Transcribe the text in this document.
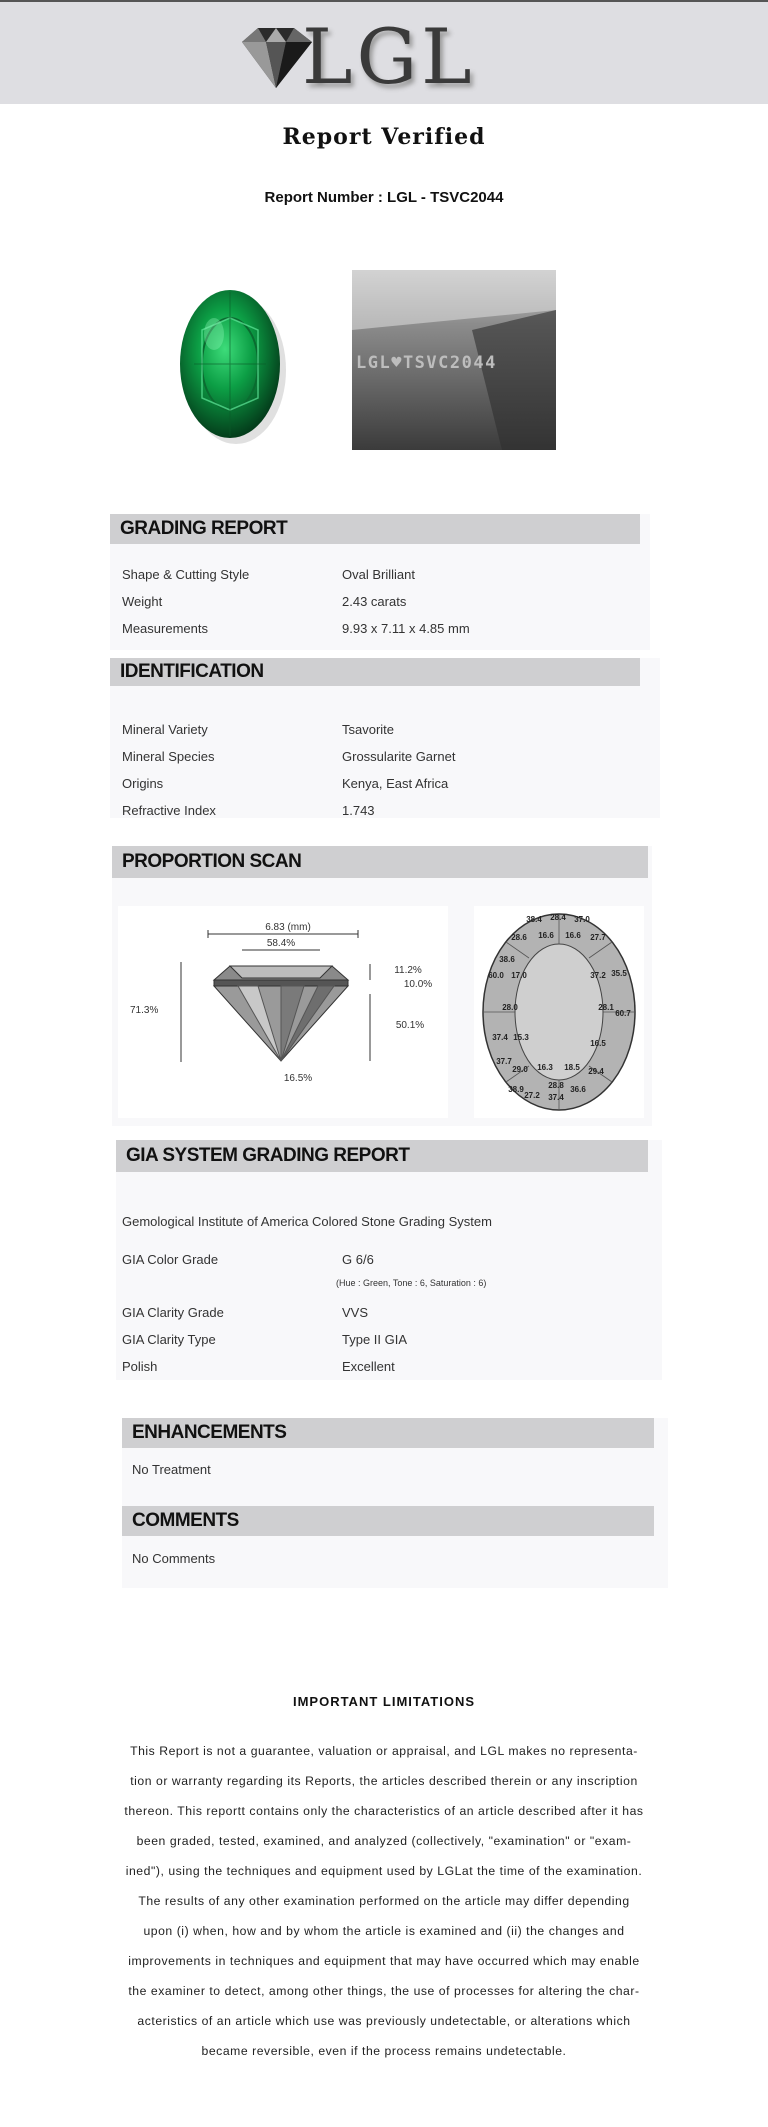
LGL
Report Verified
Report Number : LGL - TSVC2044
LGL♥TSVC2044
GRADING REPORT
Shape & Cutting Style	Oval Brilliant
Weight	2.43 carats
Measurements	9.93 x 7.11 x 4.85 mm
IDENTIFICATION
Mineral Variety	Tsavorite
Mineral Species	Grossularite Garnet
Origins	Kenya, East Africa
Refractive Index	1.743
PROPORTION SCAN
6.83 (mm)
58.4%
71.3%
11.2%
10.0%
50.1%
16.5%
38.4 28.4 37.0
28.6 16.6 16.6 27.7
38.6
60.0 17.0	37.2 35.5
28.0	28.1
60.7
37.4 15.3
16.5
37.7
29.0 16.3 18.5 29.4
38.9	28.8
27.2 37.4
36.6
GIA SYSTEM GRADING REPORT
Gemological Institute of America Colored Stone Grading System
GIA Color Grade	G 6/6
(Hue : Green, Tone : 6, Saturation : 6)
GIA Clarity Grade	VVS
GIA Clarity Type	Type II GIA
Polish	Excellent
ENHANCEMENTS
No Treatment
COMMENTS
No Comments
IMPORTANT LIMITATIONS
This Report is not a guarantee, valuation or appraisal, and LGL makes no representa-
tion or warranty regarding its Reports, the articles described therein or any inscription
thereon. This reportt contains only the characteristics of an article described after it has
been graded, tested, examined, and analyzed (collectively, "examination" or "exam-
ined"), using the techniques and equipment used by LGLat the time of the examination.
The results of any other examination performed on the article may differ depending
upon (i) when, how and by whom the article is examined and (ii) the changes and
improvements in techniques and equipment that may have occurred which may enable
the examiner to detect, among other things, the use of processes for altering the char-
acteristics of an article which use was previously undetectable, or alterations which
became reversible, even if the process remains undetectable.
